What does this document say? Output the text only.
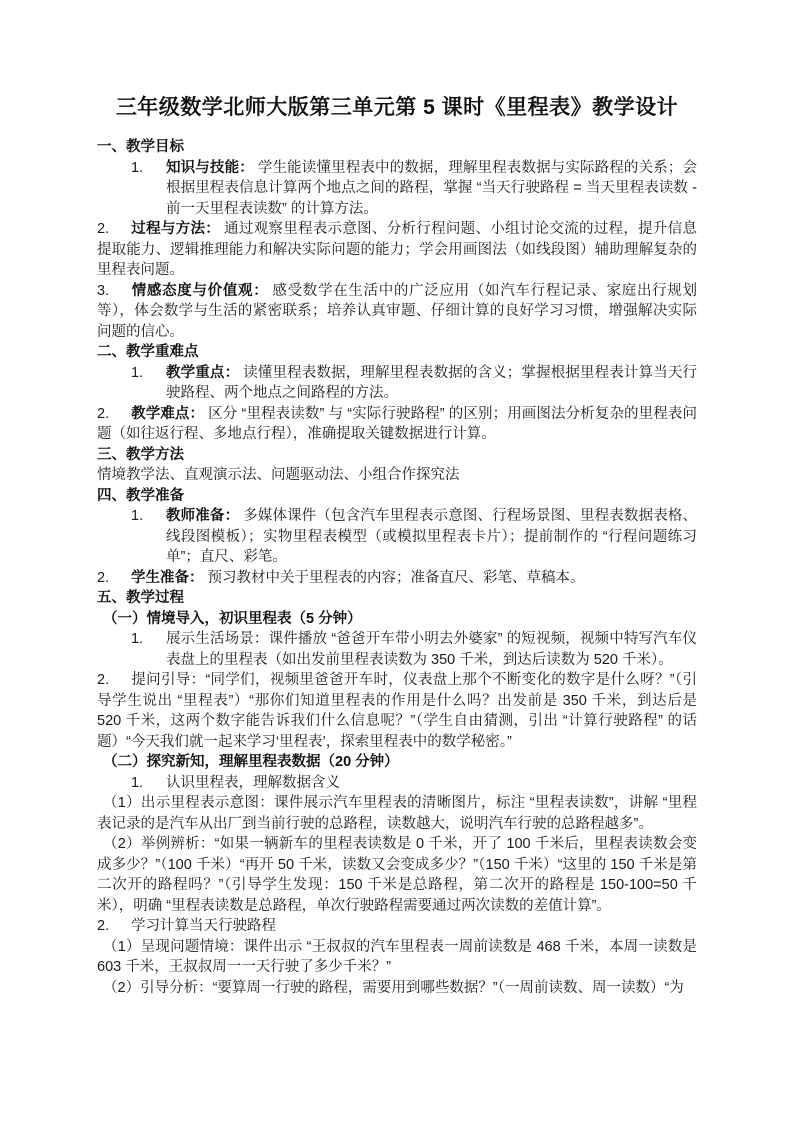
三年级数学北师大版第三单元第 5 课时《里程表》教学设计
一、教学目标
1. 知识与技能： 学生能读懂里程表中的数据，理解里程表数据与实际路程的关系；会根据里程表信息计算两个地点之间的路程，掌握 “当天行驶路程 = 当天里程表读数 - 前一天里程表读数” 的计算方法。
2. 过程与方法： 通过观察里程表示意图、分析行程问题、小组讨论交流的过程，提升信息提取能力、逻辑推理能力和解决实际问题的能力；学会用画图法（如线段图）辅助理解复杂的里程表问题。
3. 情感态度与价值观： 感受数学在生活中的广泛应用（如汽车行程记录、家庭出行规划等），体会数学与生活的紧密联系；培养认真审题、仔细计算的良好学习习惯，增强解决实际问题的信心。
二、教学重难点
1. 教学重点： 读懂里程表数据，理解里程表数据的含义；掌握根据里程表计算当天行驶路程、两个地点之间路程的方法。
2. 教学难点： 区分 “里程表读数” 与 “实际行驶路程” 的区别；用画图法分析复杂的里程表问题（如往返行程、多地点行程），准确提取关键数据进行计算。
三、教学方法
情境教学法、直观演示法、问题驱动法、小组合作探究法
四、教学准备
1. 教师准备： 多媒体课件（包含汽车里程表示意图、行程场景图、里程表数据表格、线段图模板）；实物里程表模型（或模拟里程表卡片）；提前制作的 “行程问题练习单”；直尺、彩笔。
2. 学生准备： 预习教材中关于里程表的内容；准备直尺、彩笔、草稿本。
五、教学过程
（一）情境导入，初识里程表（5 分钟）
1. 展示生活场景：课件播放 “爸爸开车带小明去外婆家” 的短视频，视频中特写汽车仪表盘上的里程表（如出发前里程表读数为 350 千米，到达后读数为 520 千米）。
2. 提问引导：“同学们，视频里爸爸开车时，仪表盘上那个不断变化的数字是什么呀？”（引导学生说出 “里程表”）“那你们知道里程表的作用是什么吗？出发前是 350 千米，到达后是 520 千米，这两个数字能告诉我们什么信息呢？”（学生自由猜测，引出 “计算行驶路程” 的话题）“今天我们就一起来学习‘里程表’，探索里程表中的数学秘密。”
（二）探究新知，理解里程表数据（20 分钟）
1. 认识里程表，理解数据含义
（1）出示里程表示意图：课件展示汽车里程表的清晰图片，标注 “里程表读数”，讲解 “里程表记录的是汽车从出厂到当前行驶的总路程，读数越大，说明汽车行驶的总路程越多”。
（2）举例辨析：“如果一辆新车的里程表读数是 0 千米，开了 100 千米后，里程表读数会变成多少？”（100 千米）“再开 50 千米，读数又会变成多少？”（150 千米）“这里的 150 千米是第二次开的路程吗？”（引导学生发现：150 千米是总路程，第二次开的路程是 150-100=50 千米），明确 “里程表读数是总路程，单次行驶路程需要通过两次读数的差值计算”。
2. 学习计算当天行驶路程
（1）呈现问题情境：课件出示 “王叔叔的汽车里程表一周前读数是 468 千米，本周一读数是 603 千米，王叔叔周一一天行驶了多少千米？”
（2）引导分析：“要算周一行驶的路程，需要用到哪些数据？”（一周前读数、周一读数）“为
